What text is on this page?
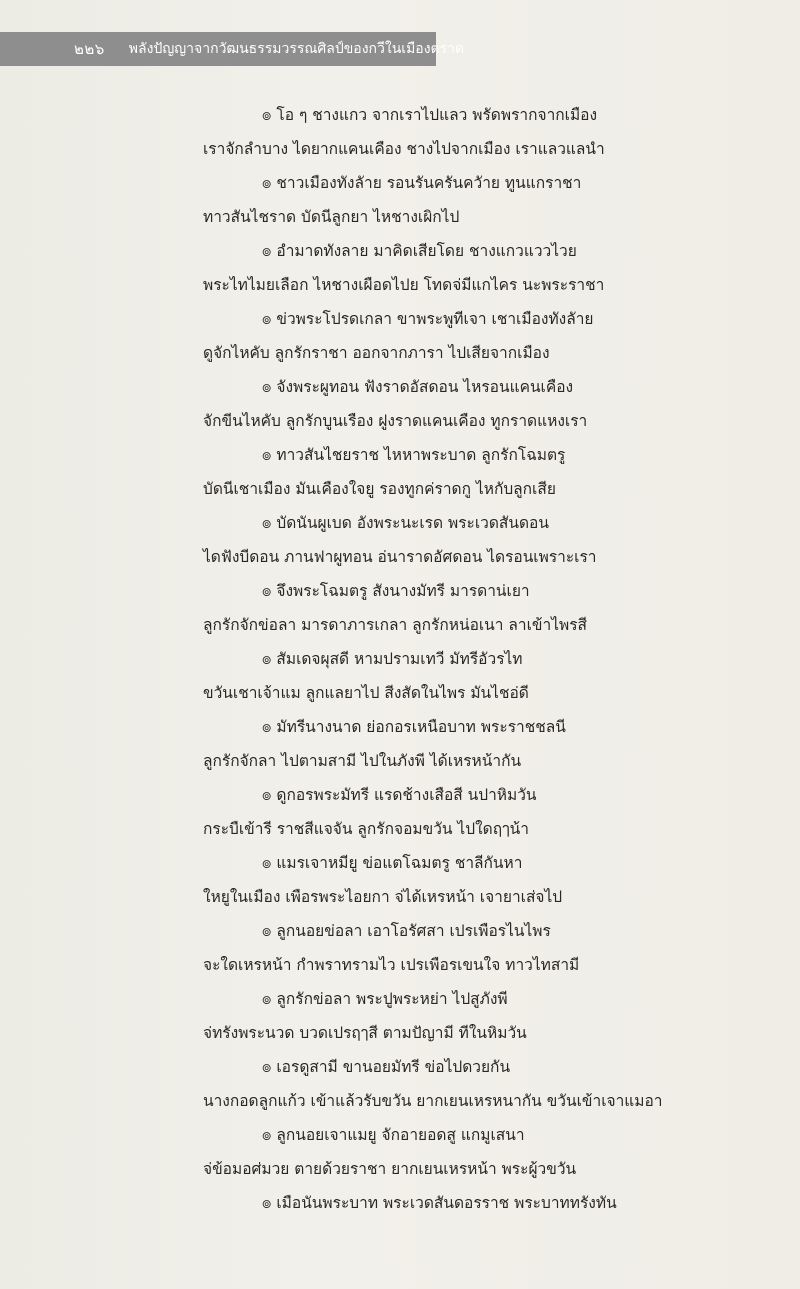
๒๒๖ พลังปัญญาจากวัฒนธรรมวรรณศิลป์ของกวีในเมืองตราด
๏ โอ ๆ ชางแกว จากเราไปแลว พรัดพรากจากเมือง
เราจักลำบาง ไดยากแคนเคือง ชางไปจากเมือง เราแลวแลนำ
๏ ชาวเมืองทังลัาย รอนรันครันควัาย ทูนแกราชา
ทาวสันไชราด บัดนีลูกยา ไหชางเผิกไป
๏ อำมาดทังลาย มาคิดเสียโดย ชางแกวแววไวย
พระไทไมยเลือก ไหชางเผือดไปย โทดจ่มีแกไคร นะพระราชา
๏ ข่วพระโปรดเกลา ขาพระพูทีเจา เชาเมืองทังลัาย
ดูจักไหคับ ลูกรักราชา ออกจากภารา ไปเสียจากเมือง
๏ จังพระผูทอน ฟังราดอัสดอน ไหรอนแคนเคือง
จักขีนไหคับ ลูกรักบูนเรือง ฝูงราดแคนเคือง ทูกราดแหงเรา
๏ ทาวสันไชยราช ไหหาพระบาด ลูกรักโฉมตรู
บัดนีเชาเมือง มันเคืองใจยู รองทูกค่ราดกู ไหกับลูกเสีย
๏ บัดนันผูเบด อังพระนะเรด พระเวดสันดอน
ไดฟังบีดอน ภานฟาผูทอน อ่นาราดอัศดอน ไดรอนเพราะเรา
๏ จึงพระโฉมตรู สังนางมัทรี มารดาน่เยา
ลูกรักจักข่อลา มารดาภารเกลา ลูกรักหน่อเนา ลาเข้าไพรสี
๏ สัมเดจผุสดี หามปรามเทวี มัทรีอัวรไท
ขวันเชาเจ้าแม ลูกแลยาไป สีงสัดในไพร มันไชอ่ดี
๏ มัทรีนางนาด ย่อกอรเหนือบาท พระราชชลนี
ลูกรักจักลา ไปตามสามี ไปในภังพี ได้เหรหน้ากัน
๏ ดูกอรพระมัทรี แรดช้างเสือสี นปาหิมวัน
กระบืเข้ารี ราชสีแจจัน ลูกรักจอมขวัน ไปใดฤๅน้า
๏ แมรเจาหมียู ข่อแตโฉมตรู ชาลีกันหา
ใหยูในเมือง เพือรพระไอยกา จ่ได้เหรหน้า เจายาเส่จไป
๏ ลูกนอยข่อลา เอาโอรัศสา เปรเพือรไนไพร
จะใดเหรหน้า กำพราทรามไว เปรเพือรเขนใจ ทาวไทสามี
๏ ลูกรักข่อลา พระปูพระหย่า ไปสูภังพี
จ่ทรังพระนวด บวดเปรฤๅสี ตามปัญามี ทีในหิมวัน
๏ เอรดูสามี ขานอยมัทรี ข่อไปดวยกัน
นางกอดลูกแก้ว เข้าแล้วรับขวัน ยากเยนเหรหนากัน ขวันเข้าเจาแมอา
๏ ลูกนอยเจาแมยู จักอายอดสู แกมูเสนา
จ่ข้อมอศ่มวย ตายด้วยราชา ยากเยนเหรหน้า พระผู้วขวัน
๏ เมือนันพระบาท พระเวดสันดอรราช พระบาททรังทัน
